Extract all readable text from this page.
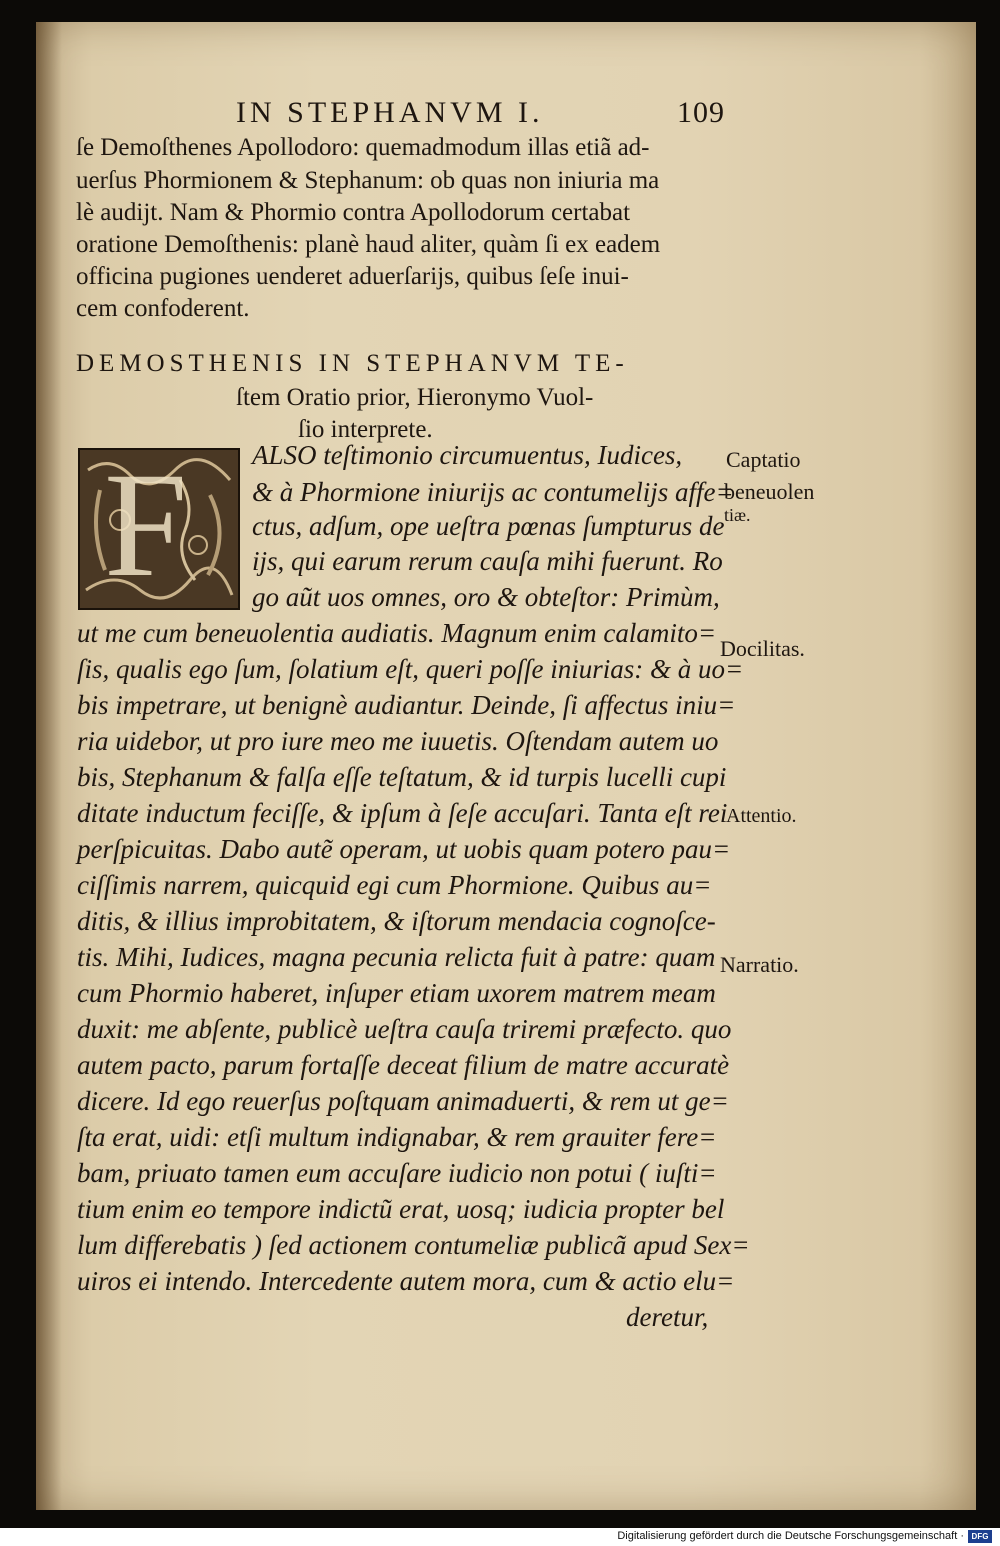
IN STEPHANVM I.	109
ſe Demoſthenes Apollodoro: quemadmodum illas etiã ad-
uerſus Phormionem & Stephanum: ob quas non iniuria ma
lè audijt. Nam & Phormio contra Apollodorum certabat
oratione Demoſthenis: planè haud aliter, quàm ſi ex eadem
officina pugiones uenderet aduerſarijs, quibus ſeſe inui-
cem confoderent.
DEMOSTHENIS IN STEPHANVM TE-
ſtem Oratio prior, Hieronymo Vuol-
ſio interprete.
F ALSO teſtimonio circumuentus, Iudices,
& à Phormione iniurijs ac contumelijs affe=
ctus, adſum, ope ueſtra pœnas ſumpturus de
ijs, qui earum rerum cauſa mihi fuerunt. Ro
go aũt uos omnes, oro & obteſtor: Primùm,
ut me cum beneuolentia audiatis. Magnum enim calamito=
ſis, qualis ego ſum, ſolatium eſt, queri poſſe iniurias: & à uo=
bis impetrare, ut benignè audiantur. Deinde, ſi affectus iniu=
ria uidebor, ut pro iure meo me iuuetis. Oſtendam autem uo
bis, Stephanum & falſa eſſe teſtatum, & id turpis lucelli cupi
ditate inductum feciſſe, & ipſum à ſeſe accuſari. Tanta eſt rei
perſpicuitas. Dabo autẽ operam, ut uobis quam potero pau=
ciſſimis narrem, quicquid egi cum Phormione. Quibus au=
ditis, & illius improbitatem, & iſtorum mendacia cognoſce-
tis. Mihi, Iudices, magna pecunia relicta fuit à patre: quam
cum Phormio haberet, inſuper etiam uxorem matrem meam
duxit: me abſente, publicè ueſtra cauſa triremi præfecto. quo
autem pacto, parum fortaſſe deceat filium de matre accuratè
dicere. Id ego reuerſus poſtquam animaduerti, & rem ut ge=
ſta erat, uidi: etſi multum indignabar, & rem grauiter fere=
bam, priuato tamen eum accuſare iudicio non potui ( iuſti=
tium enim eo tempore indictũ erat, uosq; iudicia propter bel
lum differebatis ) ſed actionem contumeliæ publicã apud Sex=
uiros ei intendo. Intercedente autem mora, cum & actio elu=
deretur,
Captatio
beneuolen
tiæ.
Docilitas.
Attentio.
Narratio.
Digitalisierung gefördert durch die Deutsche Forschungsgemeinschaft · DFG
